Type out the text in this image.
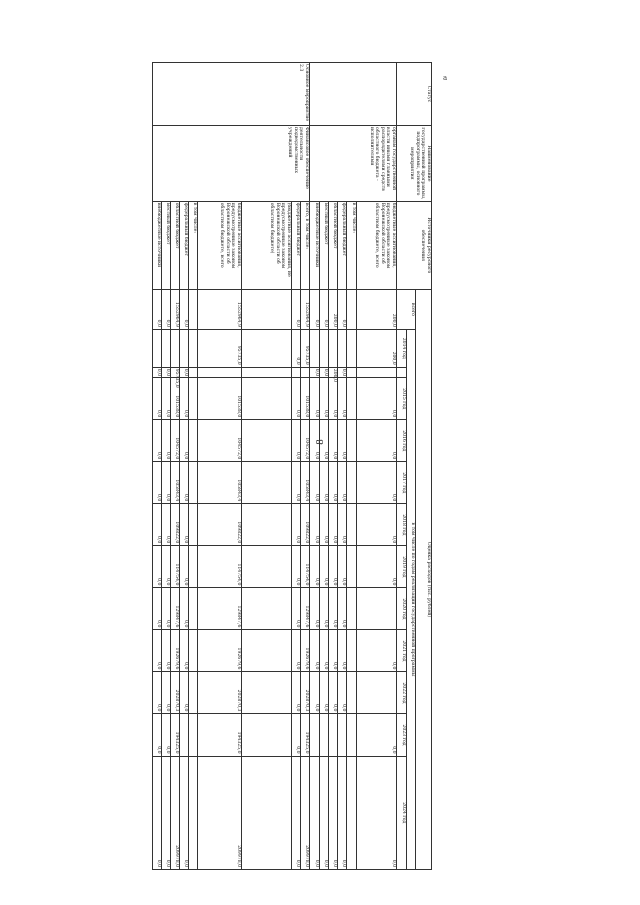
8
a
Статус	Наименование государственной программы, подпрограммы, основного мероприятия	Источники ресурсного обеспечения	Оценка расходов (тыс. рублей)												
			всего	в том числе по годам реализации государственной программы											
				2014 год		2015 год	2016 год	2017 год	2018 год	2019 год	2020 год	2021 год	2022 год	2023 год	2024 год
	органам государственной власти иными главными распорядителями средств областного бюджета - исполнителями	бюджетные ассигнования, предусмотренные законом Воронежской области об областном бюджете, всего	200,0	200,0		0,0	0,0	0,0	0,0	0,0		0,0		0,0	0,0
		в том числе:													
		федеральный бюджет	0,0		0,0	0,0	0,0	0,0	0,0	0,0	0,0	0,0	0,0		0,0
		областной бюджет	200,0		200,0	0,0	0,0	0,0	0,0	0,0	0,0	0,0	0,0		0,0
		местный бюджет	0,0		0,0	0,0	0,0	0,0	0,0	0,0	0,0	0,0	0,0		0,0
		внебюджетные источники	0,0		0,0	0,0	0,0	0,0	0,0	0,0	0,0	0,0	0,0		0,0
Основное мероприятие 2.3	Финансовое обеспечение деятельности подведомственных учреждений	всего, в том числе:	1552964,9	95735,0		101538,0	104572,0	105843,4	109822,0	114754,0	129847,6	192679,6	202870,3	194325,0	209978,0
		федеральный бюджет	0,0	0,0		0,0	0,0	0,0	0,0	0,0	0,0	0,0	0,0	0,0	0,0
		(бюджетные ассигнования, не предусмотренные законом Воронежской области об областном бюджете)													
		бюджетные ассигнования, предусмотренные законом Воронежской области об областном бюджете, всего	1552964,9	95735,0		101538,0	104572,0	105843,4	109822,0	114754,0	129847,6	192679,6	202870,3	194325,0	209978,0
		в том числе:													
		федеральный бюджет	0,0		0,0	0,0	0,0	0,0	0,0	0,0	0,0	0,0	0,0		0,0
		областной бюджет	1552964,9		95735,0	101538,0	104572,0	105843,4	109822,0	114754,0	129847,6	192679,6	202870,3	194325,0	209978,0
		местный бюджет	0,0		0,0	0,0	0,0	0,0	0,0	0,0	0,0	0,0	0,0	0,0	0,0
		внебюджетные источники	0,0		0,0	0,0	0,0	0,0	0,0	0,0	0,0	0,0	0,0	0,0	0,0
